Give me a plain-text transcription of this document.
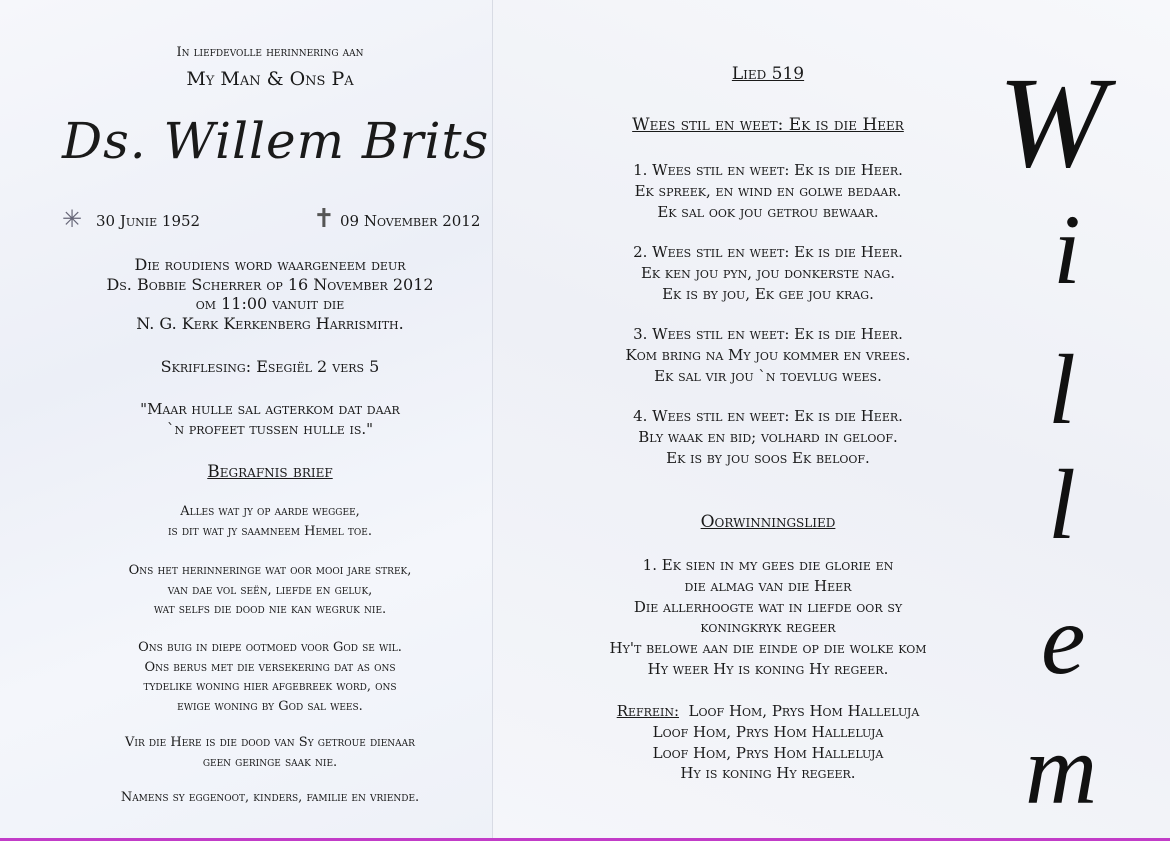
In liefdevolle herinnering aan
My Man & Ons Pa
Ds. Willem Brits
✳ 30 Junie 1952	✝ 09 November 2012
Die roudiens word waargeneem deur
Ds. Bobbie Scherrer op 16 November 2012
om 11:00 vanuit die
N. G. Kerk Kerkenberg Harrismith.
Skriflesing: Esegiël 2 vers 5
"Maar hulle sal agterkom dat daar
`n profeet tussen hulle is."
Begrafnis brief
Alles wat jy op aarde weggee,
is dit wat jy saamneem Hemel toe.
Ons het herinneringe wat oor mooi jare strek,
van dae vol seën, liefde en geluk,
wat selfs die dood nie kan wegruk nie.
Ons buig in diepe ootmoed voor God se wil.
Ons berus met die versekering dat as ons
tydelike woning hier afgebreek word, ons
ewige woning by God sal wees.
Vir die Here is die dood van Sy getroue dienaar
geen geringe saak nie.
Namens sy eggenoot, kinders, familie en vriende.
Lied 519
Wees stil en weet: Ek is die Heer
1. Wees stil en weet: Ek is die Heer.
Ek spreek, en wind en golwe bedaar.
Ek sal ook jou getrou bewaar.
2. Wees stil en weet: Ek is die Heer.
Ek ken jou pyn, jou donkerste nag.
Ek is by jou, Ek gee jou krag.
3. Wees stil en weet: Ek is die Heer.
Kom bring na My jou kommer en vrees.
Ek sal vir jou `n toevlug wees.
4. Wees stil en weet: Ek is die Heer.
Bly waak en bid; volhard in geloof.
Ek is by jou soos Ek beloof.
Oorwinningslied
1. Ek sien in my gees die glorie en
die almag van die Heer
Die allerhoogte wat in liefde oor sy
koningkryk regeer
Hy't belowe aan die einde op die wolke kom
Hy weer Hy is koning Hy regeer.
Refrein: Loof Hom, Prys Hom Halleluja
Loof Hom, Prys Hom Halleluja
Loof Hom, Prys Hom Halleluja
Hy is koning Hy regeer.
W
i
l
l
e
m
